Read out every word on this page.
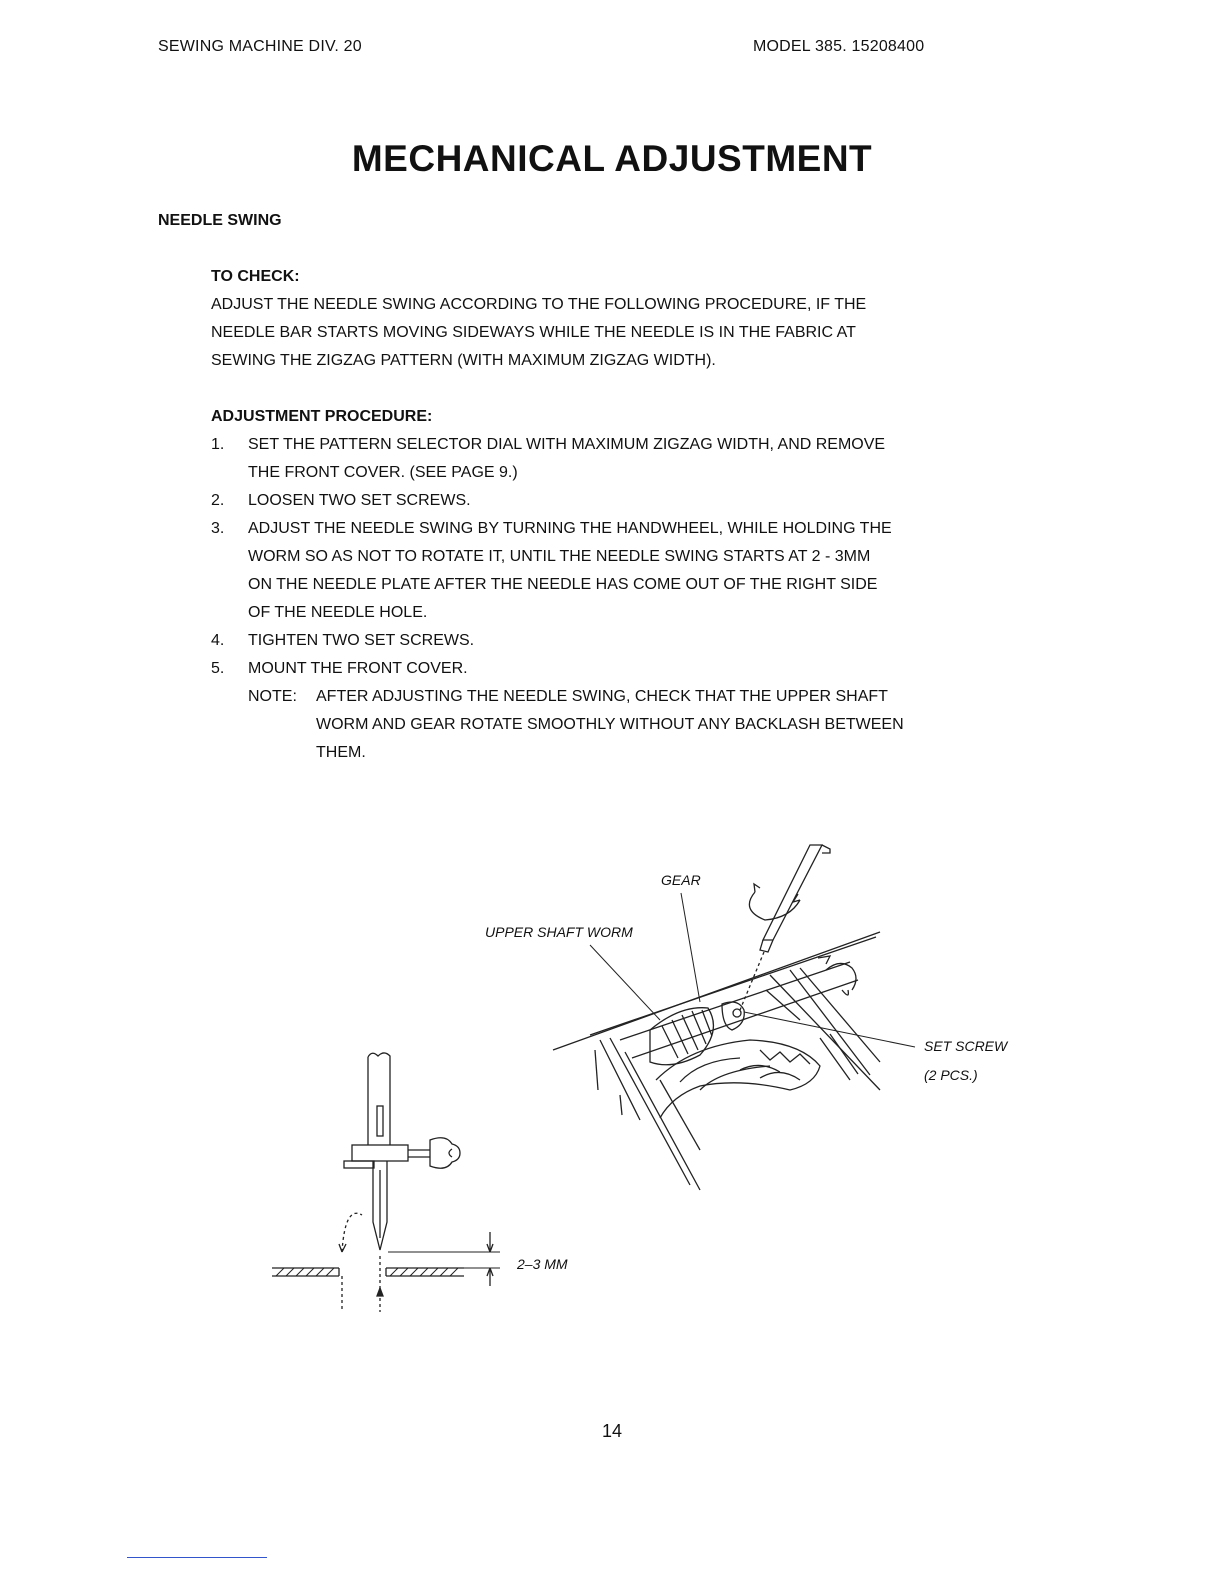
SEWING MACHINE DIV. 20	MODEL 385. 15208400
MECHANICAL ADJUSTMENT
NEEDLE SWING
TO CHECK:
ADJUST THE NEEDLE SWING ACCORDING TO THE FOLLOWING PROCEDURE, IF THE
NEEDLE BAR STARTS MOVING SIDEWAYS WHILE THE NEEDLE IS IN THE FABRIC AT
SEWING THE ZIGZAG PATTERN (WITH MAXIMUM ZIGZAG WIDTH).
ADJUSTMENT PROCEDURE:
1. SET THE PATTERN SELECTOR DIAL WITH MAXIMUM ZIGZAG WIDTH, AND REMOVE
THE FRONT COVER. (SEE PAGE 9.)
2. LOOSEN TWO SET SCREWS.
3. ADJUST THE NEEDLE SWING BY TURNING THE HANDWHEEL, WHILE HOLDING THE
WORM SO AS NOT TO ROTATE IT, UNTIL THE NEEDLE SWING STARTS AT 2 - 3MM
ON THE NEEDLE PLATE AFTER THE NEEDLE HAS COME OUT OF THE RIGHT SIDE
OF THE NEEDLE HOLE.
4. TIGHTEN TWO SET SCREWS.
5. MOUNT THE FRONT COVER.
NOTE: AFTER ADJUSTING THE NEEDLE SWING, CHECK THAT THE UPPER SHAFT
WORM AND GEAR ROTATE SMOOTHLY WITHOUT ANY BACKLASH BETWEEN
THEM.
GEAR
UPPER SHAFT WORM
SET SCREW
(2 PCS.)
2–3 MM
14
